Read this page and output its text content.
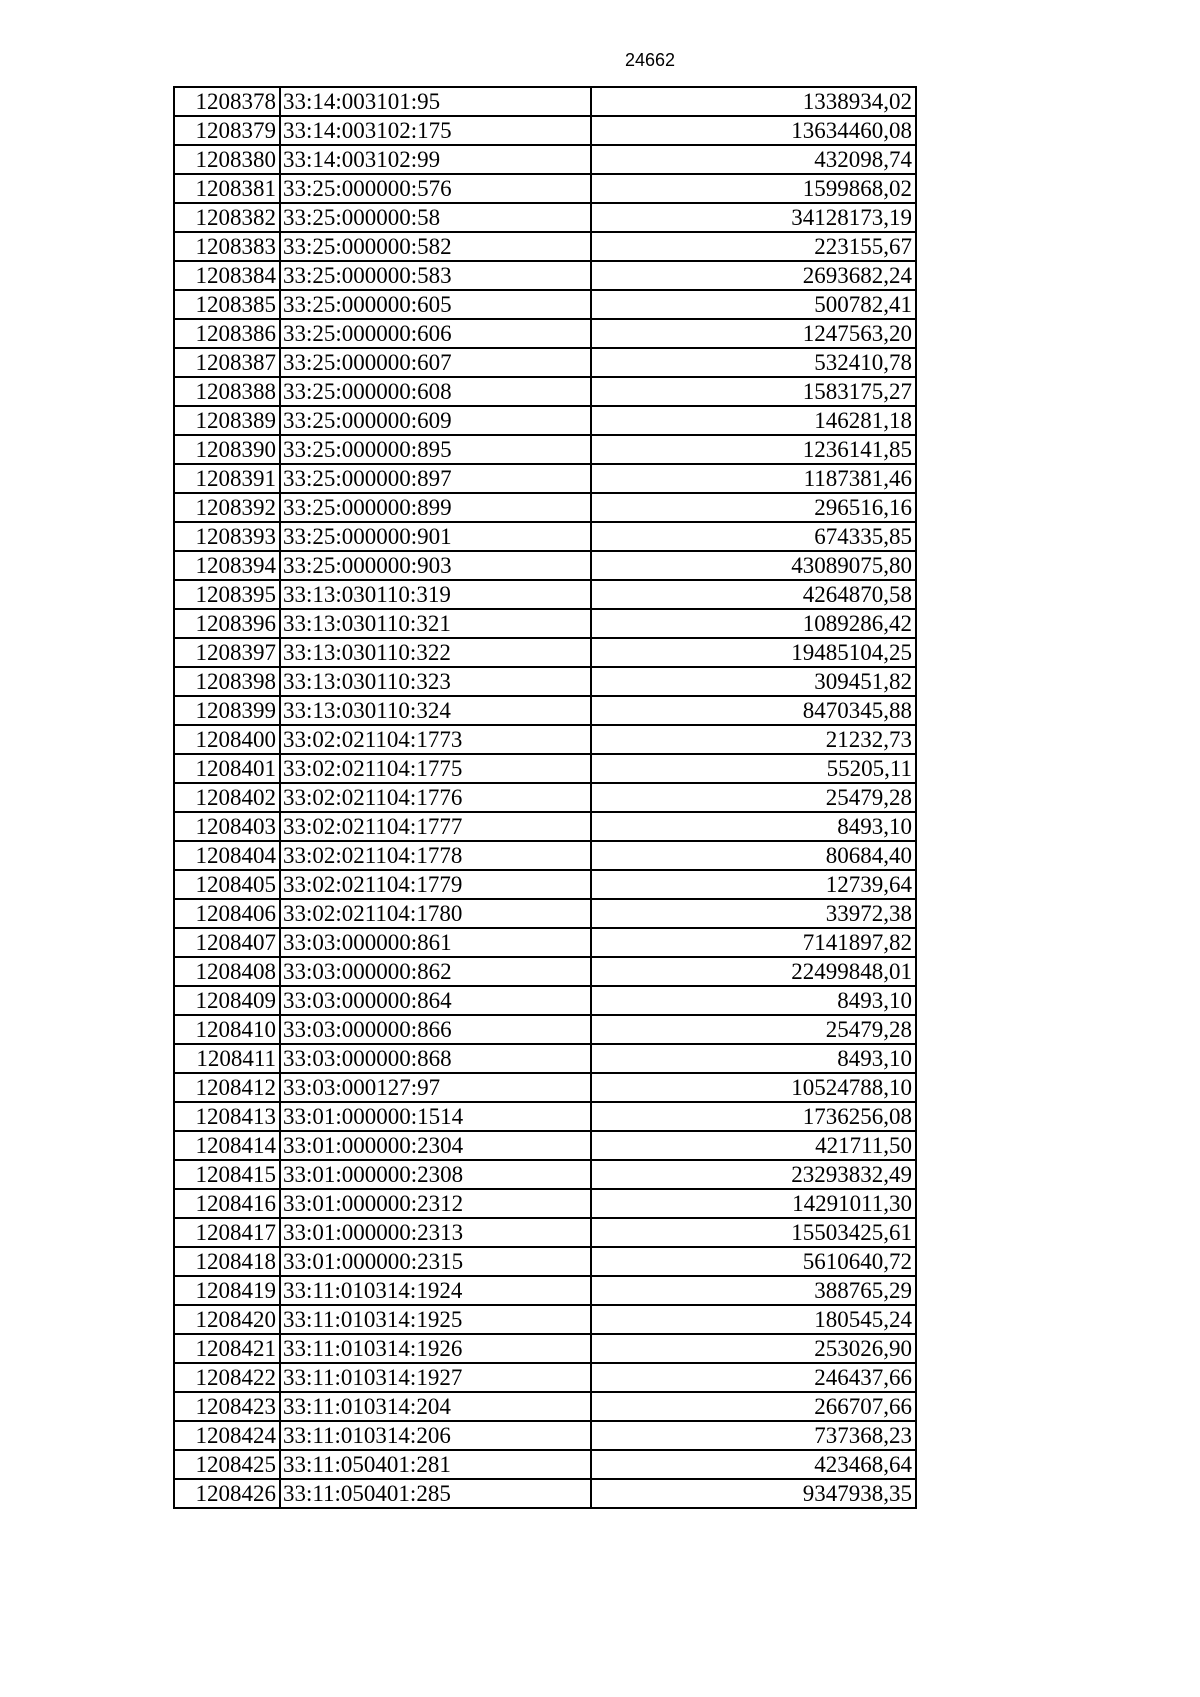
24662
1208378	33:14:003101:95	1338934,02
1208379	33:14:003102:175	13634460,08
1208380	33:14:003102:99	432098,74
1208381	33:25:000000:576	1599868,02
1208382	33:25:000000:58	34128173,19
1208383	33:25:000000:582	223155,67
1208384	33:25:000000:583	2693682,24
1208385	33:25:000000:605	500782,41
1208386	33:25:000000:606	1247563,20
1208387	33:25:000000:607	532410,78
1208388	33:25:000000:608	1583175,27
1208389	33:25:000000:609	146281,18
1208390	33:25:000000:895	1236141,85
1208391	33:25:000000:897	1187381,46
1208392	33:25:000000:899	296516,16
1208393	33:25:000000:901	674335,85
1208394	33:25:000000:903	43089075,80
1208395	33:13:030110:319	4264870,58
1208396	33:13:030110:321	1089286,42
1208397	33:13:030110:322	19485104,25
1208398	33:13:030110:323	309451,82
1208399	33:13:030110:324	8470345,88
1208400	33:02:021104:1773	21232,73
1208401	33:02:021104:1775	55205,11
1208402	33:02:021104:1776	25479,28
1208403	33:02:021104:1777	8493,10
1208404	33:02:021104:1778	80684,40
1208405	33:02:021104:1779	12739,64
1208406	33:02:021104:1780	33972,38
1208407	33:03:000000:861	7141897,82
1208408	33:03:000000:862	22499848,01
1208409	33:03:000000:864	8493,10
1208410	33:03:000000:866	25479,28
1208411	33:03:000000:868	8493,10
1208412	33:03:000127:97	10524788,10
1208413	33:01:000000:1514	1736256,08
1208414	33:01:000000:2304	421711,50
1208415	33:01:000000:2308	23293832,49
1208416	33:01:000000:2312	14291011,30
1208417	33:01:000000:2313	15503425,61
1208418	33:01:000000:2315	5610640,72
1208419	33:11:010314:1924	388765,29
1208420	33:11:010314:1925	180545,24
1208421	33:11:010314:1926	253026,90
1208422	33:11:010314:1927	246437,66
1208423	33:11:010314:204	266707,66
1208424	33:11:010314:206	737368,23
1208425	33:11:050401:281	423468,64
1208426	33:11:050401:285	9347938,35
